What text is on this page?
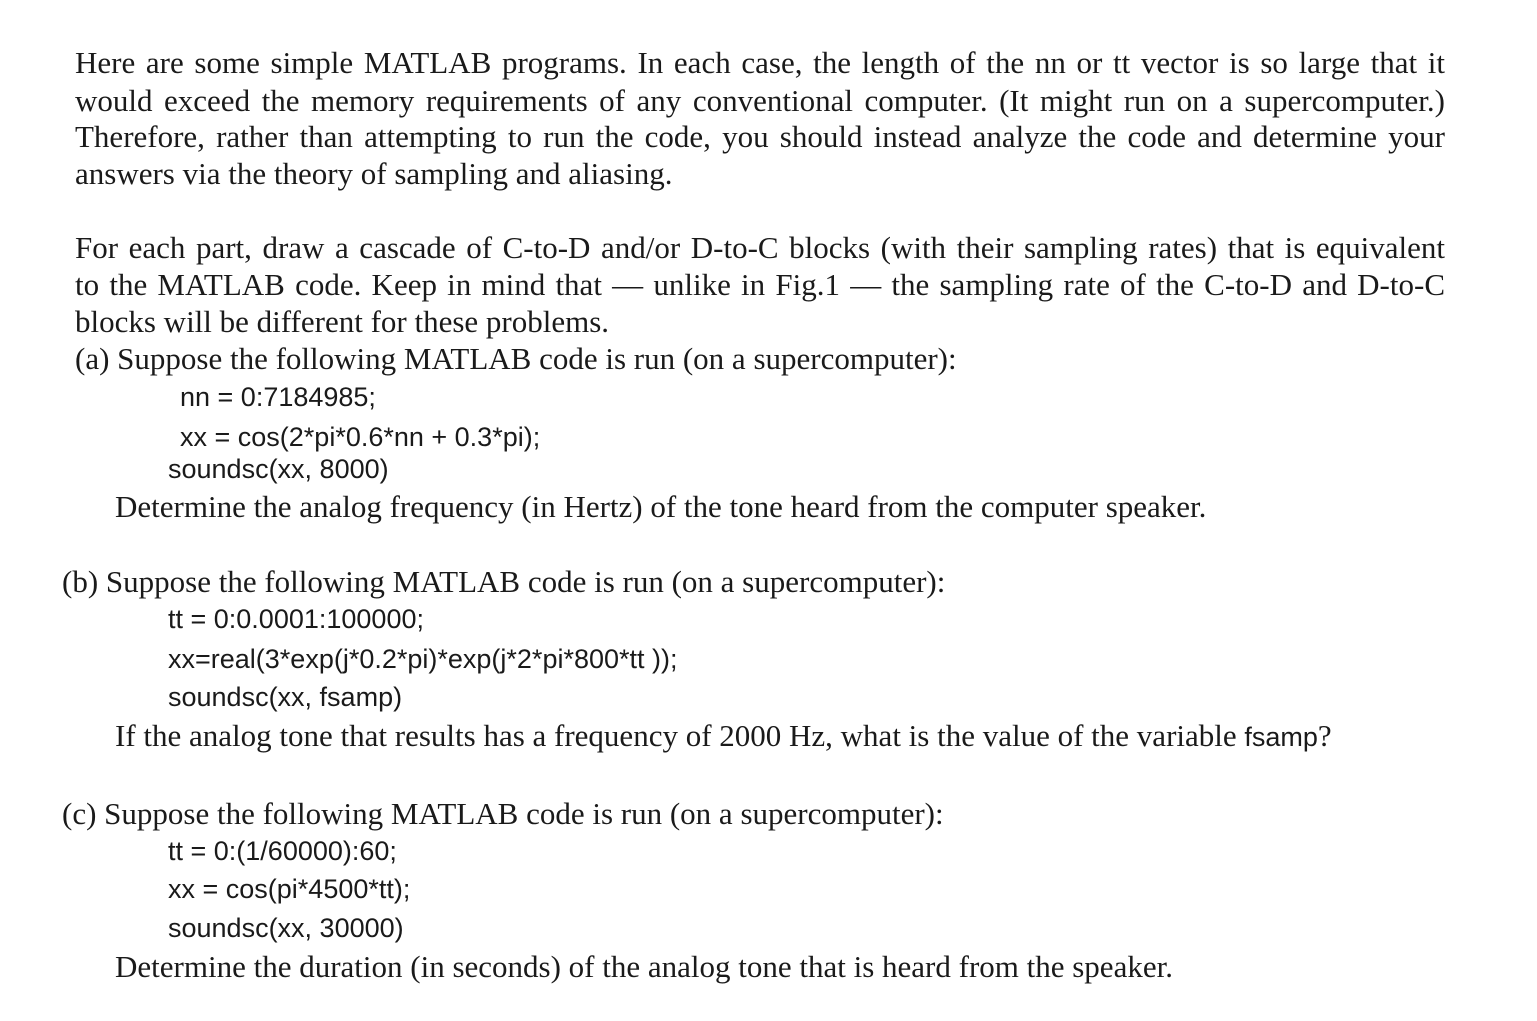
Here are some simple MATLAB programs. In each case, the length of the nn or tt vector is so large that it
would exceed the memory requirements of any conventional computer. (It might run on a supercomputer.)
Therefore, rather than attempting to run the code, you should instead analyze the code and determine your
answers via the theory of sampling and aliasing.
For each part, draw a cascade of C-to-D and/or D-to-C blocks (with their sampling rates) that is equivalent
to the MATLAB code. Keep in mind that — unlike in Fig.1 — the sampling rate of the C-to-D and D-to-C
blocks will be different for these problems.
(a) Suppose the following MATLAB code is run (on a supercomputer):
nn = 0:7184985;
xx = cos(2*pi*0.6*nn + 0.3*pi);
soundsc(xx, 8000)
Determine the analog frequency (in Hertz) of the tone heard from the computer speaker.
(b) Suppose the following MATLAB code is run (on a supercomputer):
tt = 0:0.0001:100000;
xx=real(3*exp(j*0.2*pi)*exp(j*2*pi*800*tt ));
soundsc(xx, fsamp)
If the analog tone that results has a frequency of 2000 Hz, what is the value of the variable fsamp?
(c) Suppose the following MATLAB code is run (on a supercomputer):
tt = 0:(1/60000):60;
xx = cos(pi*4500*tt);
soundsc(xx, 30000)
Determine the duration (in seconds) of the analog tone that is heard from the speaker.
